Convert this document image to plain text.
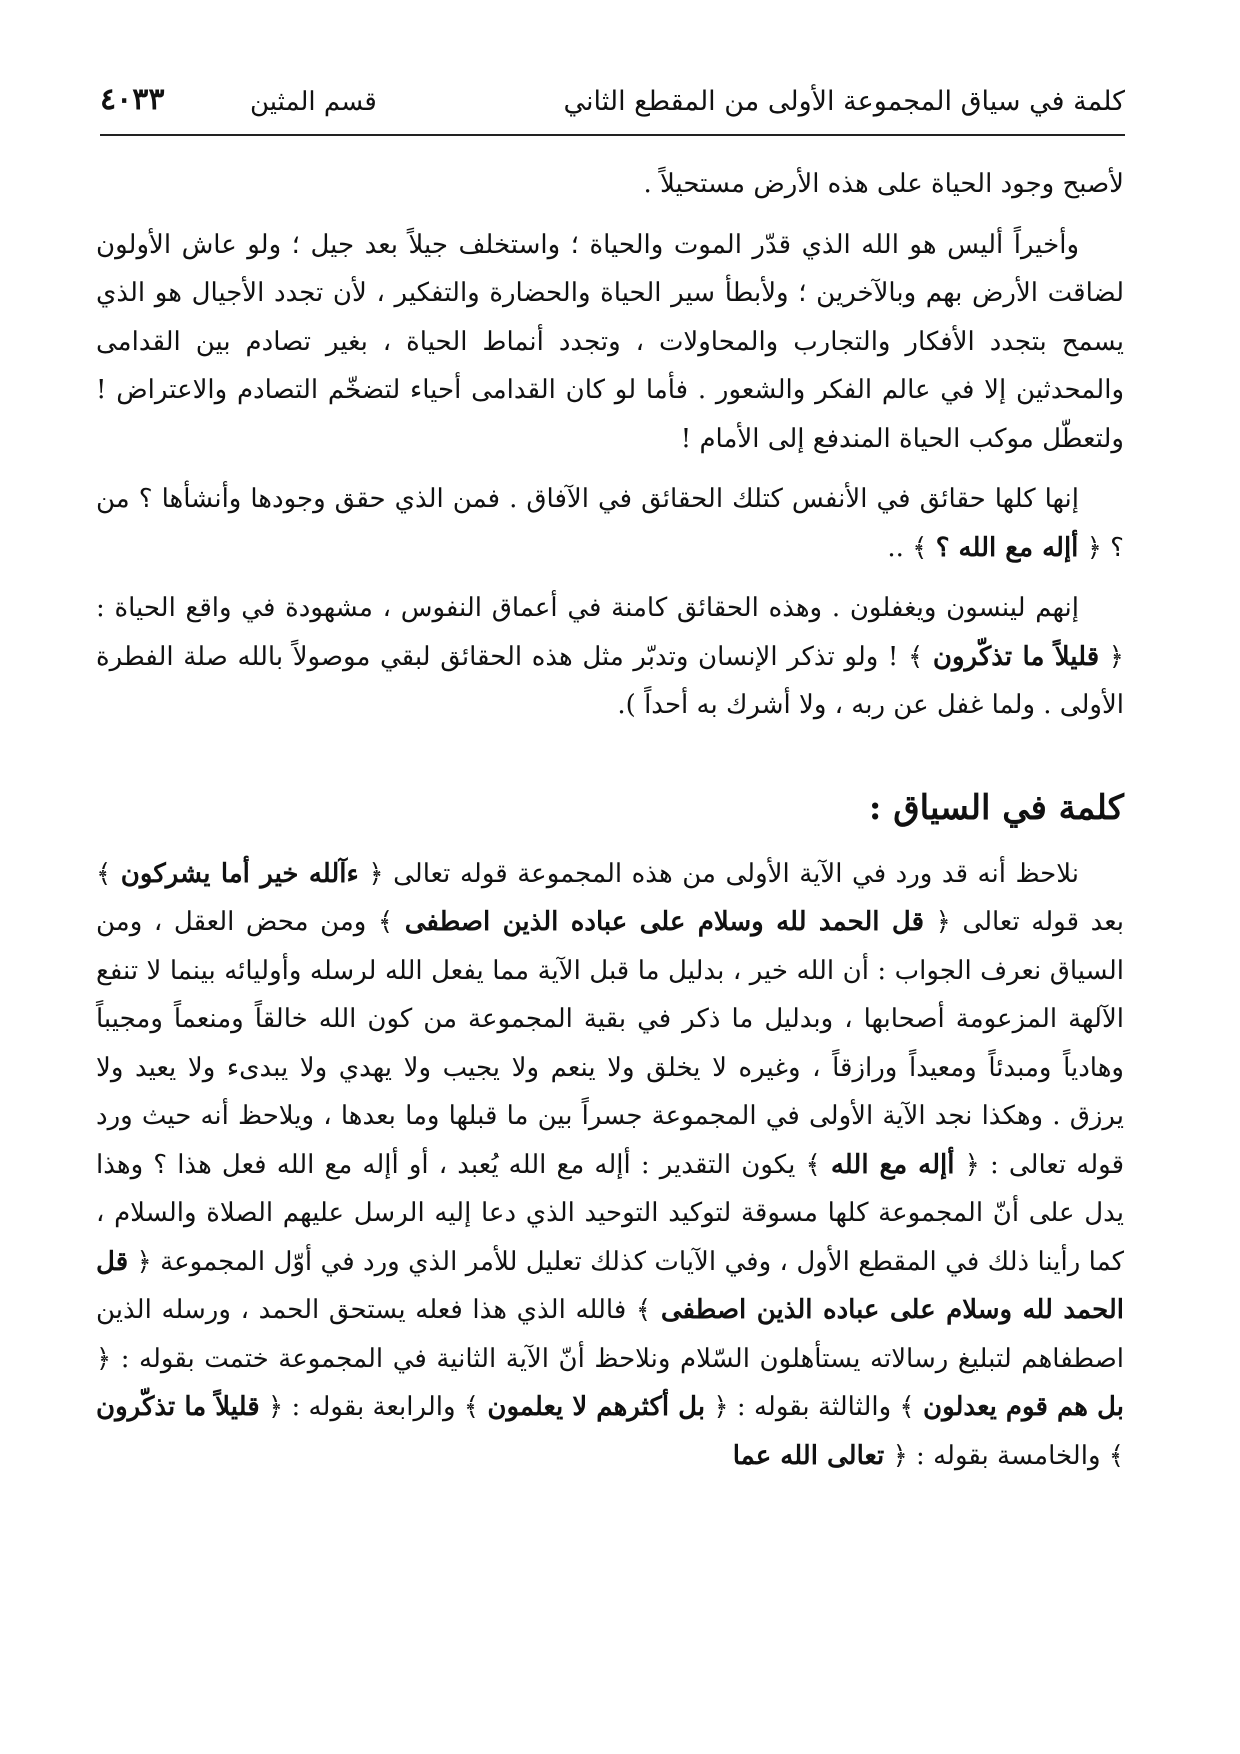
كلمة في سياق المجموعة الأولى من المقطع الثاني
قسم المثين
٤٠٣٣

لأصبح وجود الحياة على هذه الأرض مستحيلاً .

وأخيراً أليس هو الله الذي قدّر الموت والحياة ؛ واستخلف جيلاً بعد جيل ؛ ولو عاش الأولون لضاقت الأرض بهم وبالآخرين ؛ ولأبطأ سير الحياة والحضارة والتفكير ، لأن تجدد الأجيال هو الذي يسمح بتجدد الأفكار والتجارب والمحاولات ، وتجدد أنماط الحياة ، بغير تصادم بين القدامى والمحدثين إلا في عالم الفكر والشعور . فأما لو كان القدامى أحياء لتضخّم التصادم والاعتراض ! ولتعطّل موكب الحياة المندفع إلى الأمام !

إنها كلها حقائق في الأنفس كتلك الحقائق في الآفاق . فمن الذي حقق وجودها وأنشأها ؟ من ؟ ﴿ أإله مع الله ؟ ﴾ ..

إنهم لينسون ويغفلون . وهذه الحقائق كامنة في أعماق النفوس ، مشهودة في واقع الحياة : ﴿ قليلاً ما تذكّرون ﴾ ! ولو تذكر الإنسان وتدبّر مثل هذه الحقائق لبقي موصولاً بالله صلة الفطرة الأولى . ولما غفل عن ربه ، ولا أشرك به أحداً ).

كلمة في السياق :

نلاحظ أنه قد ورد في الآية الأولى من هذه المجموعة قوله تعالى ﴿ ءآلله خير أما يشركون ﴾ بعد قوله تعالى ﴿ قل الحمد لله وسلام على عباده الذين اصطفى ﴾ ومن محض العقل ، ومن السياق نعرف الجواب : أن الله خير ، بدليل ما قبل الآية مما يفعل الله لرسله وأوليائه بينما لا تنفع الآلهة المزعومة أصحابها ، وبدليل ما ذكر في بقية المجموعة من كون الله خالقاً ومنعماً ومجيباً وهادياً ومبدئاً ومعيداً ورازقاً ، وغيره لا يخلق ولا ينعم ولا يجيب ولا يهدي ولا يبدىء ولا يعيد ولا يرزق . وهكذا نجد الآية الأولى في المجموعة جسراً بين ما قبلها وما بعدها ، ويلاحظ أنه حيث ورد قوله تعالى : ﴿ أإله مع الله ﴾ يكون التقدير : أإله مع الله يُعبد ، أو أإله مع الله فعل هذا ؟ وهذا يدل على أنّ المجموعة كلها مسوقة لتوكيد التوحيد الذي دعا إليه الرسل عليهم الصلاة والسلام ، كما رأينا ذلك في المقطع الأول ، وفي الآيات كذلك تعليل للأمر الذي ورد في أوّل المجموعة ﴿ قل الحمد لله وسلام على عباده الذين اصطفى ﴾ فالله الذي هذا فعله يستحق الحمد ، ورسله الذين اصطفاهم لتبليغ رسالاته يستأهلون السّلام ونلاحظ أنّ الآية الثانية في المجموعة ختمت بقوله : ﴿ بل هم قوم يعدلون ﴾ والثالثة بقوله : ﴿ بل أكثرهم لا يعلمون ﴾ والرابعة بقوله : ﴿ قليلاً ما تذكّرون ﴾ والخامسة بقوله : ﴿ تعالى الله عما
